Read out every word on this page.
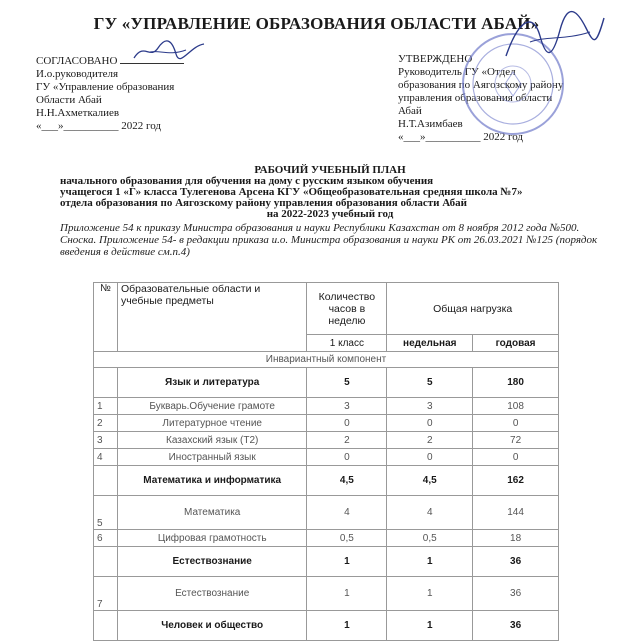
ГУ «УПРАВЛЕНИЕ ОБРАЗОВАНИЯ ОБЛАСТИ АБАЙ»
СОГЛАСОВАНО
И.о.руководителя
ГУ «Управление образования
Области Абай
Н.Н.Ахметкалиев
«___»__________ 2022 год
УТВЕРЖДЕНО
Руководитель ГУ «Отдел
образования по Аягозскому району
управления образования области
Абай
Н.Т.Азимбаев
«___»__________ 2022 год
РАБОЧИЙ УЧЕБНЫЙ ПЛАН
начального образования для обучения на дому с русским языком обучения
учащегося 1 «Г» класса Тулегенова Арсена КГУ «Общеобразовательная средняя школа №7»
отдела образования по Аягозскому району управления образования области Абай
на 2022-2023 учебный год
Приложение 54 к приказу Министра образования и науки Республики Казахстан от 8 ноября 2012 года №500. Сноска. Приложение 54- в редакции приказа и.о. Министра образования и науки РК от 26.03.2021 №125 (порядок введения в действие см.п.4)
№	Образовательные области и учебные предметы	Количество часов в неделю	Общая нагрузка	
		1 класс	недельная	годовая
Инвариантный компонент				
	Язык и литература	5	5	180
1	Букварь.Обучение грамоте	3	3	108
2	Литературное чтение	0	0	0
3	Казахский язык (Т2)	2	2	72
4	Иностранный язык	0	0	0
	Математика и информатика	4,5	4,5	162
5	Математика	4	4	144
6	Цифровая грамотность	0,5	0,5	18
	Естествознание	1	1	36
7	Естествознание	1	1	36
	Человек и общество	1	1	36
